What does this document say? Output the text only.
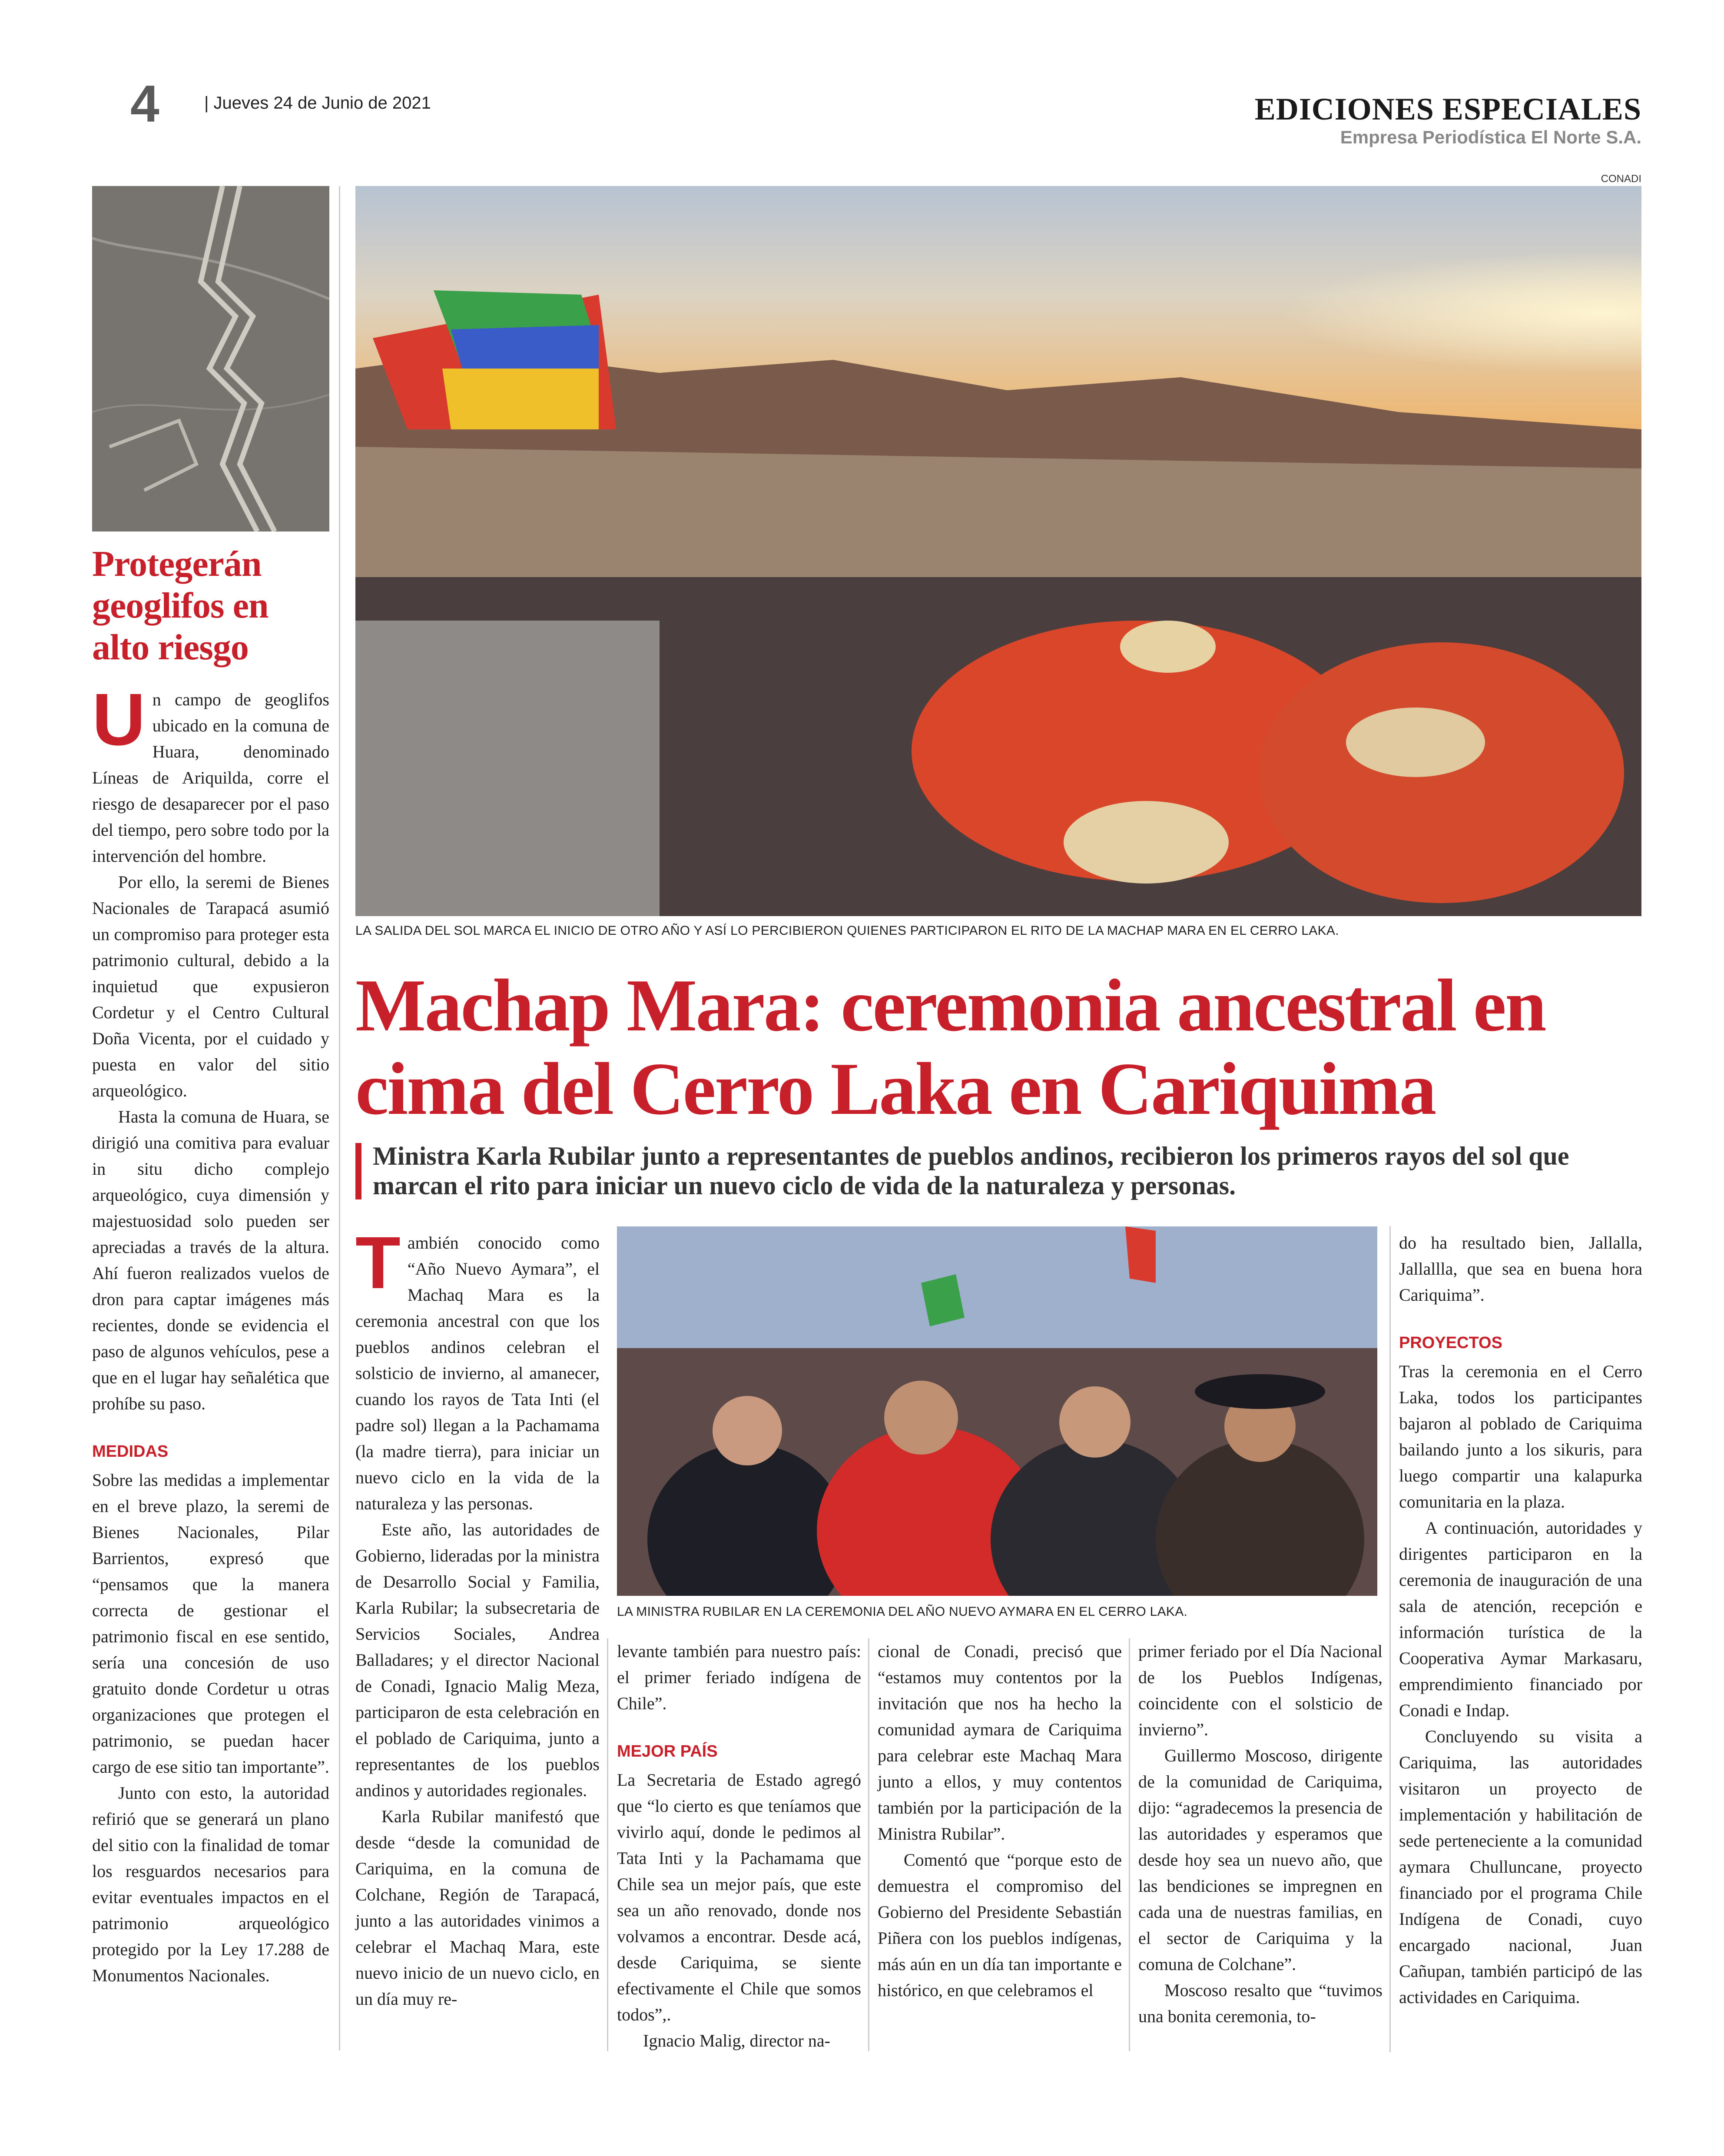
4	| Jueves 24 de Junio de 2021	EDICIONES ESPECIALES
Empresa Periodística El Norte S.A.
CONADI
LA SALIDA DEL SOL MARCA EL INICIO DE OTRO AÑO Y ASÍ LO PERCIBIERON QUIENES PARTICIPARON EL RITO DE LA MACHAP MARA EN EL CERRO LAKA.
Protegerán geoglifos en alto riesgo

Un campo de geoglifos ubicado en la comuna de Huara, denominado Líneas de Ariquilda, corre el riesgo de desaparecer por el paso del tiempo, pero sobre todo por la intervención del hombre.

Por ello, la seremi de Bienes Nacionales de Tarapacá asumió un compromiso para proteger esta patrimonio cultural, debido a la inquietud que expusieron Cordetur y el Centro Cultural Doña Vicenta, por el cuidado y puesta en valor del sitio arqueológico.

Hasta la comuna de Huara, se dirigió una comitiva para evaluar in situ dicho complejo arqueológico, cuya dimensión y majestuosidad solo pueden ser apreciadas a través de la altura. Ahí fueron realizados vuelos de dron para captar imágenes más recientes, donde se evidencia el paso de algunos vehículos, pese a que en el lugar hay señalética que prohíbe su paso.

MEDIDAS

Sobre las medidas a implementar en el breve plazo, la seremi de Bienes Nacionales, Pilar Barrientos, expresó que “pensamos que la manera correcta de gestionar el patrimonio fiscal en ese sentido, sería una concesión de uso gratuito donde Cordetur u otras organizaciones que protegen el patrimonio, se puedan hacer cargo de ese sitio tan importante”.

Junto con esto, la autoridad refirió que se generará un plano del sitio con la finalidad de tomar los resguardos necesarios para evitar eventuales impactos en el patrimonio arqueológico protegido por la Ley 17.288 de Monumentos Nacionales.

Machap Mara: ceremonia ancestral en cima del Cerro Laka en Cariquima
Ministra Karla Rubilar junto a representantes de pueblos andinos, recibieron los primeros rayos del sol que marcan el rito para iniciar un nuevo ciclo de vida de la naturaleza y personas.
LA MINISTRA RUBILAR EN LA CEREMONIA DEL AÑO NUEVO AYMARA EN EL CERRO LAKA.

También conocido como “Año Nuevo Aymara”, el Machaq Mara es la ceremonia ancestral con que los pueblos andinos celebran el solsticio de invierno, al amanecer, cuando los rayos de Tata Inti (el padre sol) llegan a la Pachamama (la madre tierra), para iniciar un nuevo ciclo en la vida de la naturaleza y las personas.

Este año, las autoridades de Gobierno, lideradas por la ministra de Desarrollo Social y Familia, Karla Rubilar; la subsecretaria de Servicios Sociales, Andrea Balladares; y el director Nacional de Conadi, Ignacio Malig Meza, participaron de esta celebración en el poblado de Cariquima, junto a representantes de los pueblos andinos y autoridades regionales.

Karla Rubilar manifestó que desde “desde la comunidad de Cariquima, en la comuna de Colchane, Región de Tarapacá, junto a las autoridades vinimos a celebrar el Machaq Mara, este nuevo inicio de un nuevo ciclo, en un día muy re-

levante también para nuestro país: el primer feriado indígena de Chile”.

MEJOR PAÍS

La Secretaria de Estado agregó que “lo cierto es que teníamos que vivirlo aquí, donde le pedimos al Tata Inti y la Pachamama que Chile sea un mejor país, que este sea un año renovado, donde nos volvamos a encontrar. Desde acá, desde Cariquima, se siente efectivamente el Chile que somos todos”,.

Ignacio Malig, director na-

cional de Conadi, precisó que “estamos muy contentos por la invitación que nos ha hecho la comunidad aymara de Cariquima para celebrar este Machaq Mara junto a ellos, y muy contentos también por la participación de la Ministra Rubilar”.

Comentó que “porque esto de demuestra el compromiso del Gobierno del Presidente Sebastián Piñera con los pueblos indígenas, más aún en un día tan importante e histórico, en que celebramos el

primer feriado por el Día Nacional de los Pueblos Indígenas, coincidente con el solsticio de invierno”.

Guillermo Moscoso, dirigente de la comunidad de Cariquima, dijo: “agradecemos la presencia de las autoridades y esperamos que desde hoy sea un nuevo año, que las bendiciones se impregnen en cada una de nuestras familias, en el sector de Cariquima y la comuna de Colchane”.

Moscoso resalto que “tuvimos una bonita ceremonia, to-

do ha resultado bien, Jallalla, Jallallla, que sea en buena hora Cariquima”.

PROYECTOS

Tras la ceremonia en el Cerro Laka, todos los participantes bajaron al poblado de Cariquima bailando junto a los sikuris, para luego compartir una kalapurka comunitaria en la plaza.

A continuación, autoridades y dirigentes participaron en la ceremonia de inauguración de una sala de atención, recepción e información turística de la Cooperativa Aymar Markasaru, emprendimiento financiado por Conadi e Indap.

Concluyendo su visita a Cariquima, las autoridades visitaron un proyecto de implementación y habilitación de sede perteneciente a la comunidad aymara Chulluncane, proyecto financiado por el programa Chile Indígena de Conadi, cuyo encargado nacional, Juan Cañupan, también participó de las actividades en Cariquima.
